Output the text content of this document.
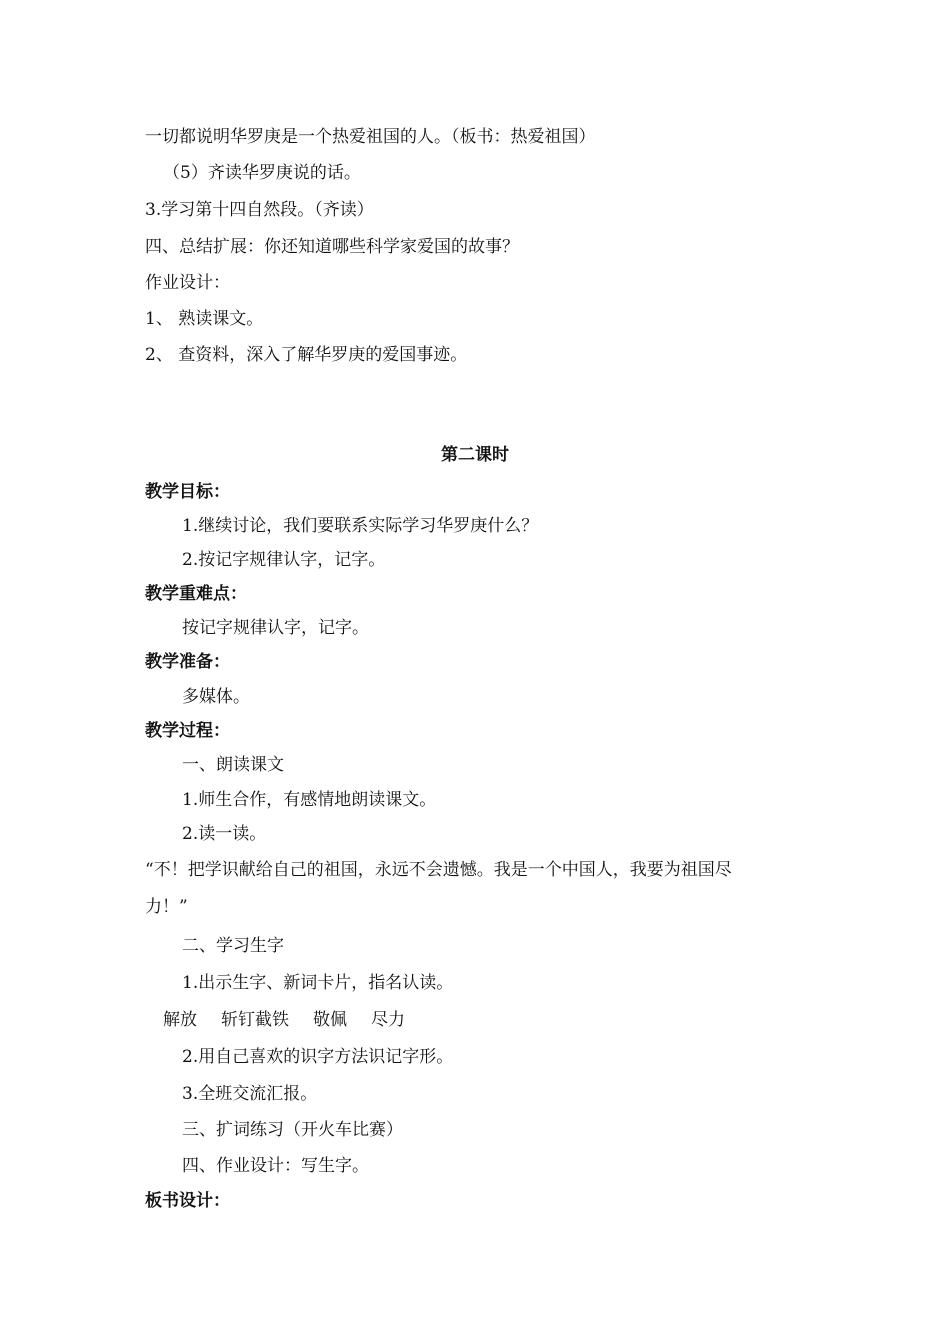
一切都说明华罗庚是一个热爱祖国的人。（板书：热爱祖国）
（5）齐读华罗庚说的话。
3.学习第十四自然段。（齐读）
四、总结扩展：你还知道哪些科学家爱国的故事？
作业设计：
1、 熟读课文。
2、 查资料，深入了解华罗庚的爱国事迹。
第二课时
教学目标：
1.继续讨论，我们要联系实际学习华罗庚什么？
2.按记字规律认字，记字。
教学重难点：
按记字规律认字，记字。
教学准备：
多媒体。
教学过程：
一、朗读课文
1.师生合作，有感情地朗读课文。
2.读一读。
“不！把学识献给自己的祖国，永远不会遗憾。我是一个中国人，我要为祖国尽
力！”
二、学习生字
1.出示生字、新词卡片，指名认读。
解放 斩钉截铁 敬佩 尽力
2.用自己喜欢的识字方法识记字形。
3.全班交流汇报。
三、扩词练习（开火车比赛）
四、作业设计：写生字。
板书设计：
